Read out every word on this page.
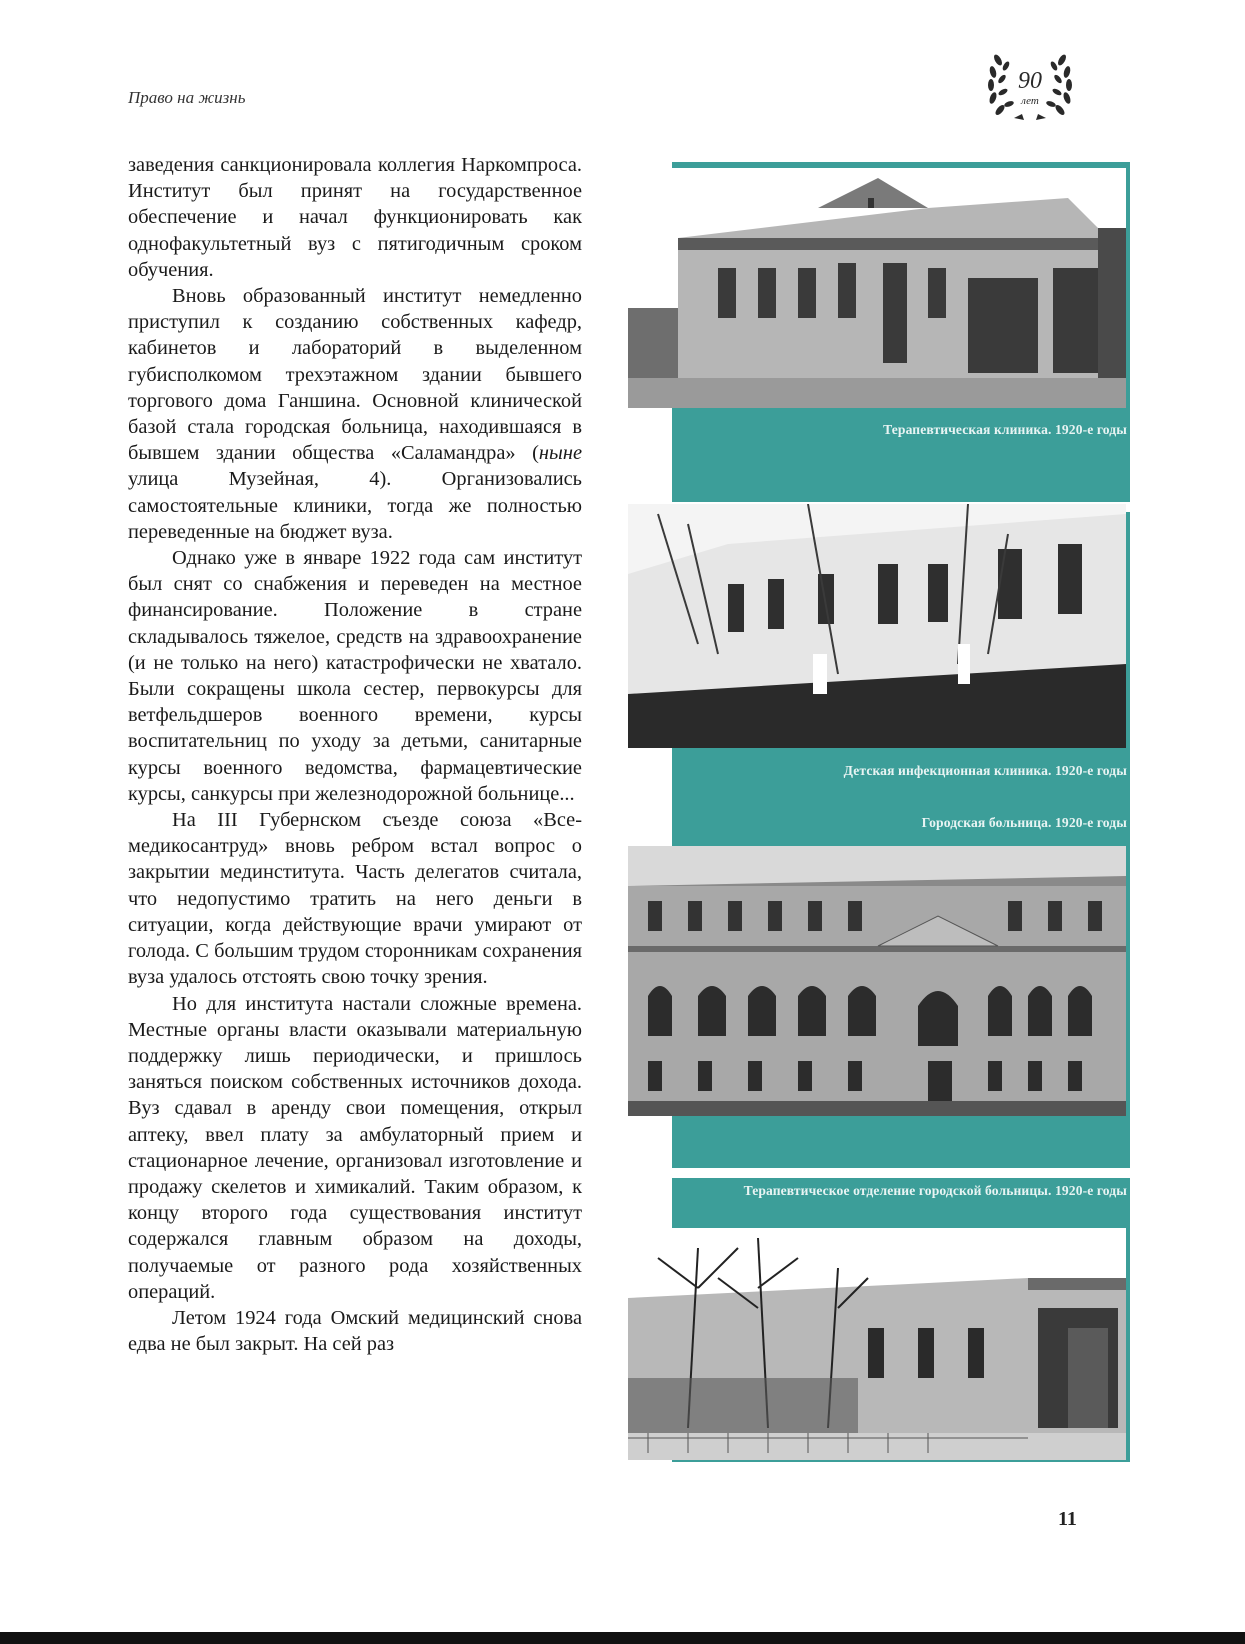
Право на жизнь
90
лет

заведения санкционировала коллегия Наркомпроса. Институт был принят на государственное обеспечение и начал функционировать как однофакультетный вуз с пятигодичным сроком обучения.

Вновь образованный институт немедленно приступил к созданию собственных кафедр, кабинетов и лабораторий в выделенном губисполкомом трехэтажном здании бывшего торгового дома Ганшина. Основной клинической базой стала городская больница, находившаяся в бывшем здании общества «Саламандра» (ныне улица Музейная, 4). Организовались самостоятельные клиники, тогда же полностью переведенные на бюджет вуза.

Однако уже в январе 1922 года сам институт был снят со снабжения и переведен на местное финансирование. Положение в стране складывалось тяжелое, средств на здравоохранение (и не только на него) катастрофически не хватало. Были сокращены школа сестер, первокурсы для ветфельдшеров военного времени, курсы воспитательниц по уходу за детьми, санитарные курсы военного ведомства, фармацевтические курсы, санкурсы при железнодорожной больнице...

На III Губернском съезде союза «Всемедикосантруд» вновь ребром встал вопрос о закрытии мединститута. Часть делегатов считала, что недопустимо тратить на него деньги в ситуации, когда действующие врачи умирают от голода. С большим трудом сторонникам сохранения вуза удалось отстоять свою точку зрения.

Но для института настали сложные времена. Местные органы власти оказывали материальную поддержку лишь периодически, и пришлось заняться поиском собственных источников дохода. Вуз сдавал в аренду свои помещения, открыл аптеку, ввел плату за амбулаторный прием и стационарное лечение, организовал изготовление и продажу скелетов и химикалий. Таким образом, к концу второго года существования институт содержался главным образом на доходы, получаемые от разного рода хозяйственных операций.

Летом 1924 года Омский медицинский снова едва не был закрыт. На сей раз

Терапевтическая клиника. 1920-е годы
Детская инфекционная клиника. 1920-е годы
Городская больница. 1920-е годы
Терапевтическое отделение городской больницы. 1920-е годы
11
